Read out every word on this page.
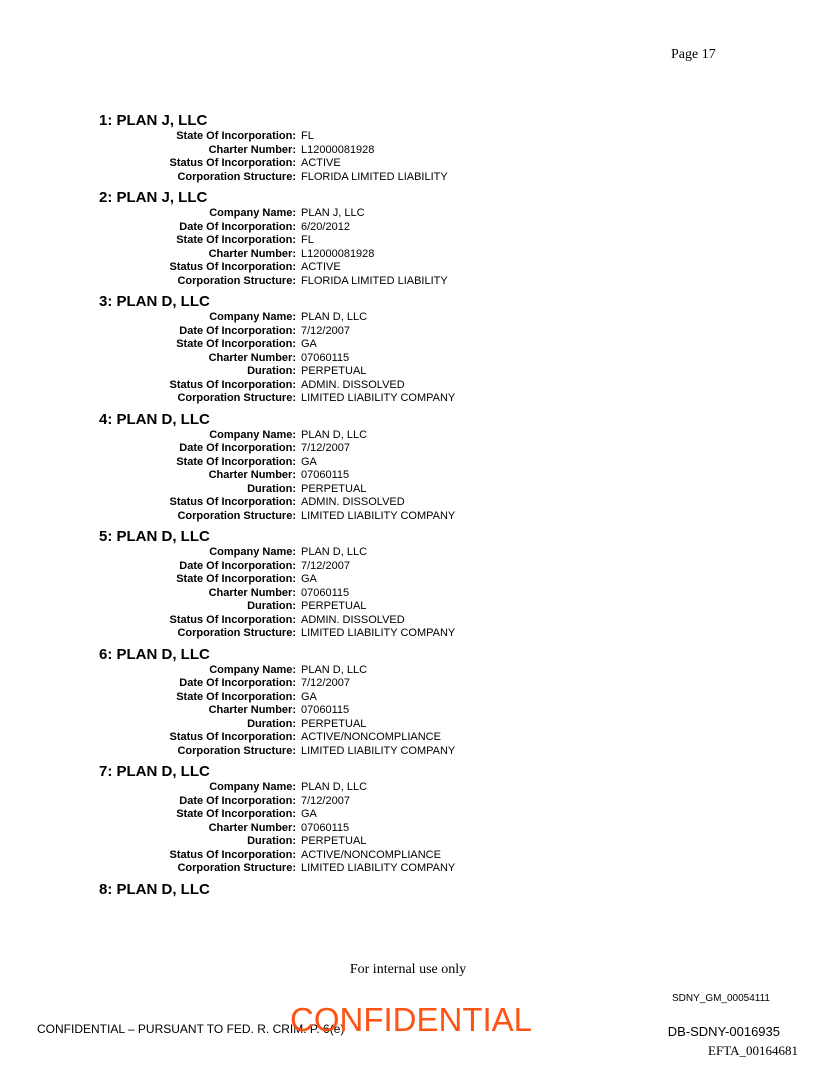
Page 17
1: PLAN J, LLC
State Of Incorporation: FL
Charter Number: L12000081928
Status Of Incorporation: ACTIVE
Corporation Structure: FLORIDA LIMITED LIABILITY
2: PLAN J, LLC
Company Name: PLAN J, LLC
Date Of Incorporation: 6/20/2012
State Of Incorporation: FL
Charter Number: L12000081928
Status Of Incorporation: ACTIVE
Corporation Structure: FLORIDA LIMITED LIABILITY
3: PLAN D, LLC
Company Name: PLAN D, LLC
Date Of Incorporation: 7/12/2007
State Of Incorporation: GA
Charter Number: 07060115
Duration: PERPETUAL
Status Of Incorporation: ADMIN. DISSOLVED
Corporation Structure: LIMITED LIABILITY COMPANY
4: PLAN D, LLC
Company Name: PLAN D, LLC
Date Of Incorporation: 7/12/2007
State Of Incorporation: GA
Charter Number: 07060115
Duration: PERPETUAL
Status Of Incorporation: ADMIN. DISSOLVED
Corporation Structure: LIMITED LIABILITY COMPANY
5: PLAN D, LLC
Company Name: PLAN D, LLC
Date Of Incorporation: 7/12/2007
State Of Incorporation: GA
Charter Number: 07060115
Duration: PERPETUAL
Status Of Incorporation: ADMIN. DISSOLVED
Corporation Structure: LIMITED LIABILITY COMPANY
6: PLAN D, LLC
Company Name: PLAN D, LLC
Date Of Incorporation: 7/12/2007
State Of Incorporation: GA
Charter Number: 07060115
Duration: PERPETUAL
Status Of Incorporation: ACTIVE/NONCOMPLIANCE
Corporation Structure: LIMITED LIABILITY COMPANY
7: PLAN D, LLC
Company Name: PLAN D, LLC
Date Of Incorporation: 7/12/2007
State Of Incorporation: GA
Charter Number: 07060115
Duration: PERPETUAL
Status Of Incorporation: ACTIVE/NONCOMPLIANCE
Corporation Structure: LIMITED LIABILITY COMPANY
8: PLAN D, LLC
For internal use only
SDNY_GM_00054111
CONFIDENTIAL – PURSUANT TO FED. R. CRIM. P. 6(e)
CONFIDENTIAL	DB-SDNY-0016935
EFTA_00164681
